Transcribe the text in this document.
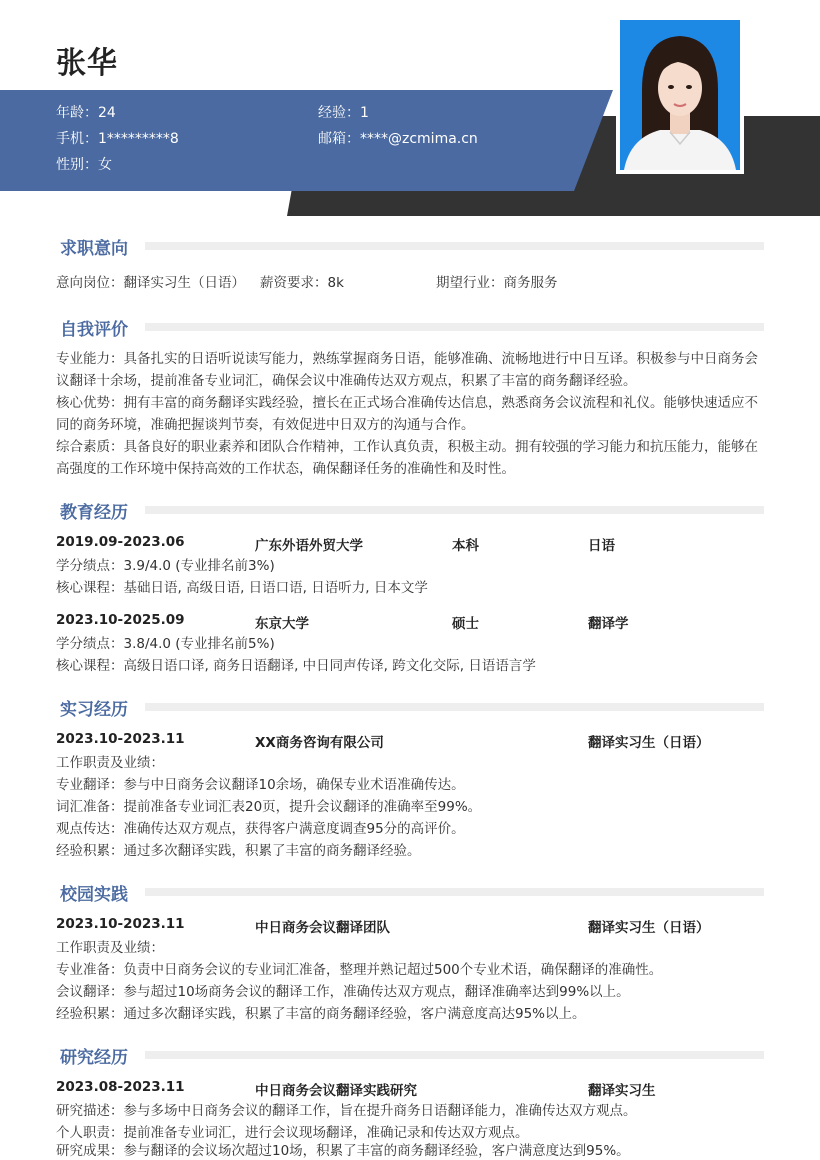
张华
年龄：24	经验：1
手机：1*********8	邮箱：****@zcmima.cn
性别：女
求职意向
意向岗位：翻译实习生（日语）	薪资要求：8k	期望行业：商务服务
自我评价
专业能力：具备扎实的日语听说读写能力，熟练掌握商务日语，能够准确、流畅地进行中日互译。积极参与中日商务会议翻译十余场，提前准备专业词汇，确保会议中准确传达双方观点，积累了丰富的商务翻译经验。
核心优势：拥有丰富的商务翻译实践经验，擅长在正式场合准确传达信息，熟悉商务会议流程和礼仪。能够快速适应不同的商务环境，准确把握谈判节奏，有效促进中日双方的沟通与合作。
综合素质：具备良好的职业素养和团队合作精神，工作认真负责，积极主动。拥有较强的学习能力和抗压能力，能够在高强度的工作环境中保持高效的工作状态，确保翻译任务的准确性和及时性。
教育经历
2019.09-2023.06	广东外语外贸大学	本科	日语
学分绩点：3.9/4.0 (专业排名前3%)
核心课程：基础日语, 高级日语, 日语口语, 日语听力, 日本文学
2023.10-2025.09	东京大学	硕士	翻译学
学分绩点：3.8/4.0 (专业排名前5%)
核心课程：高级日语口译, 商务日语翻译, 中日同声传译, 跨文化交际, 日语语言学
实习经历
2023.10-2023.11	XX商务咨询有限公司	翻译实习生（日语）
工作职责及业绩：
专业翻译：参与中日商务会议翻译10余场，确保专业术语准确传达。
词汇准备：提前准备专业词汇表20页，提升会议翻译的准确率至99%。
观点传达：准确传达双方观点，获得客户满意度调查95分的高评价。
经验积累：通过多次翻译实践，积累了丰富的商务翻译经验。
校园实践
2023.10-2023.11	中日商务会议翻译团队	翻译实习生（日语）
工作职责及业绩：
专业准备：负责中日商务会议的专业词汇准备，整理并熟记超过500个专业术语，确保翻译的准确性。
会议翻译：参与超过10场商务会议的翻译工作，准确传达双方观点，翻译准确率达到99%以上。
经验积累：通过多次翻译实践，积累了丰富的商务翻译经验，客户满意度高达95%以上。
研究经历
2023.08-2023.11	中日商务会议翻译实践研究	翻译实习生
研究描述：参与多场中日商务会议的翻译工作，旨在提升商务日语翻译能力，准确传达双方观点。
个人职责：提前准备专业词汇，进行会议现场翻译，准确记录和传达双方观点。
研究成果：参与翻译的会议场次超过10场，积累了丰富的商务翻译经验，客户满意度达到95%。
